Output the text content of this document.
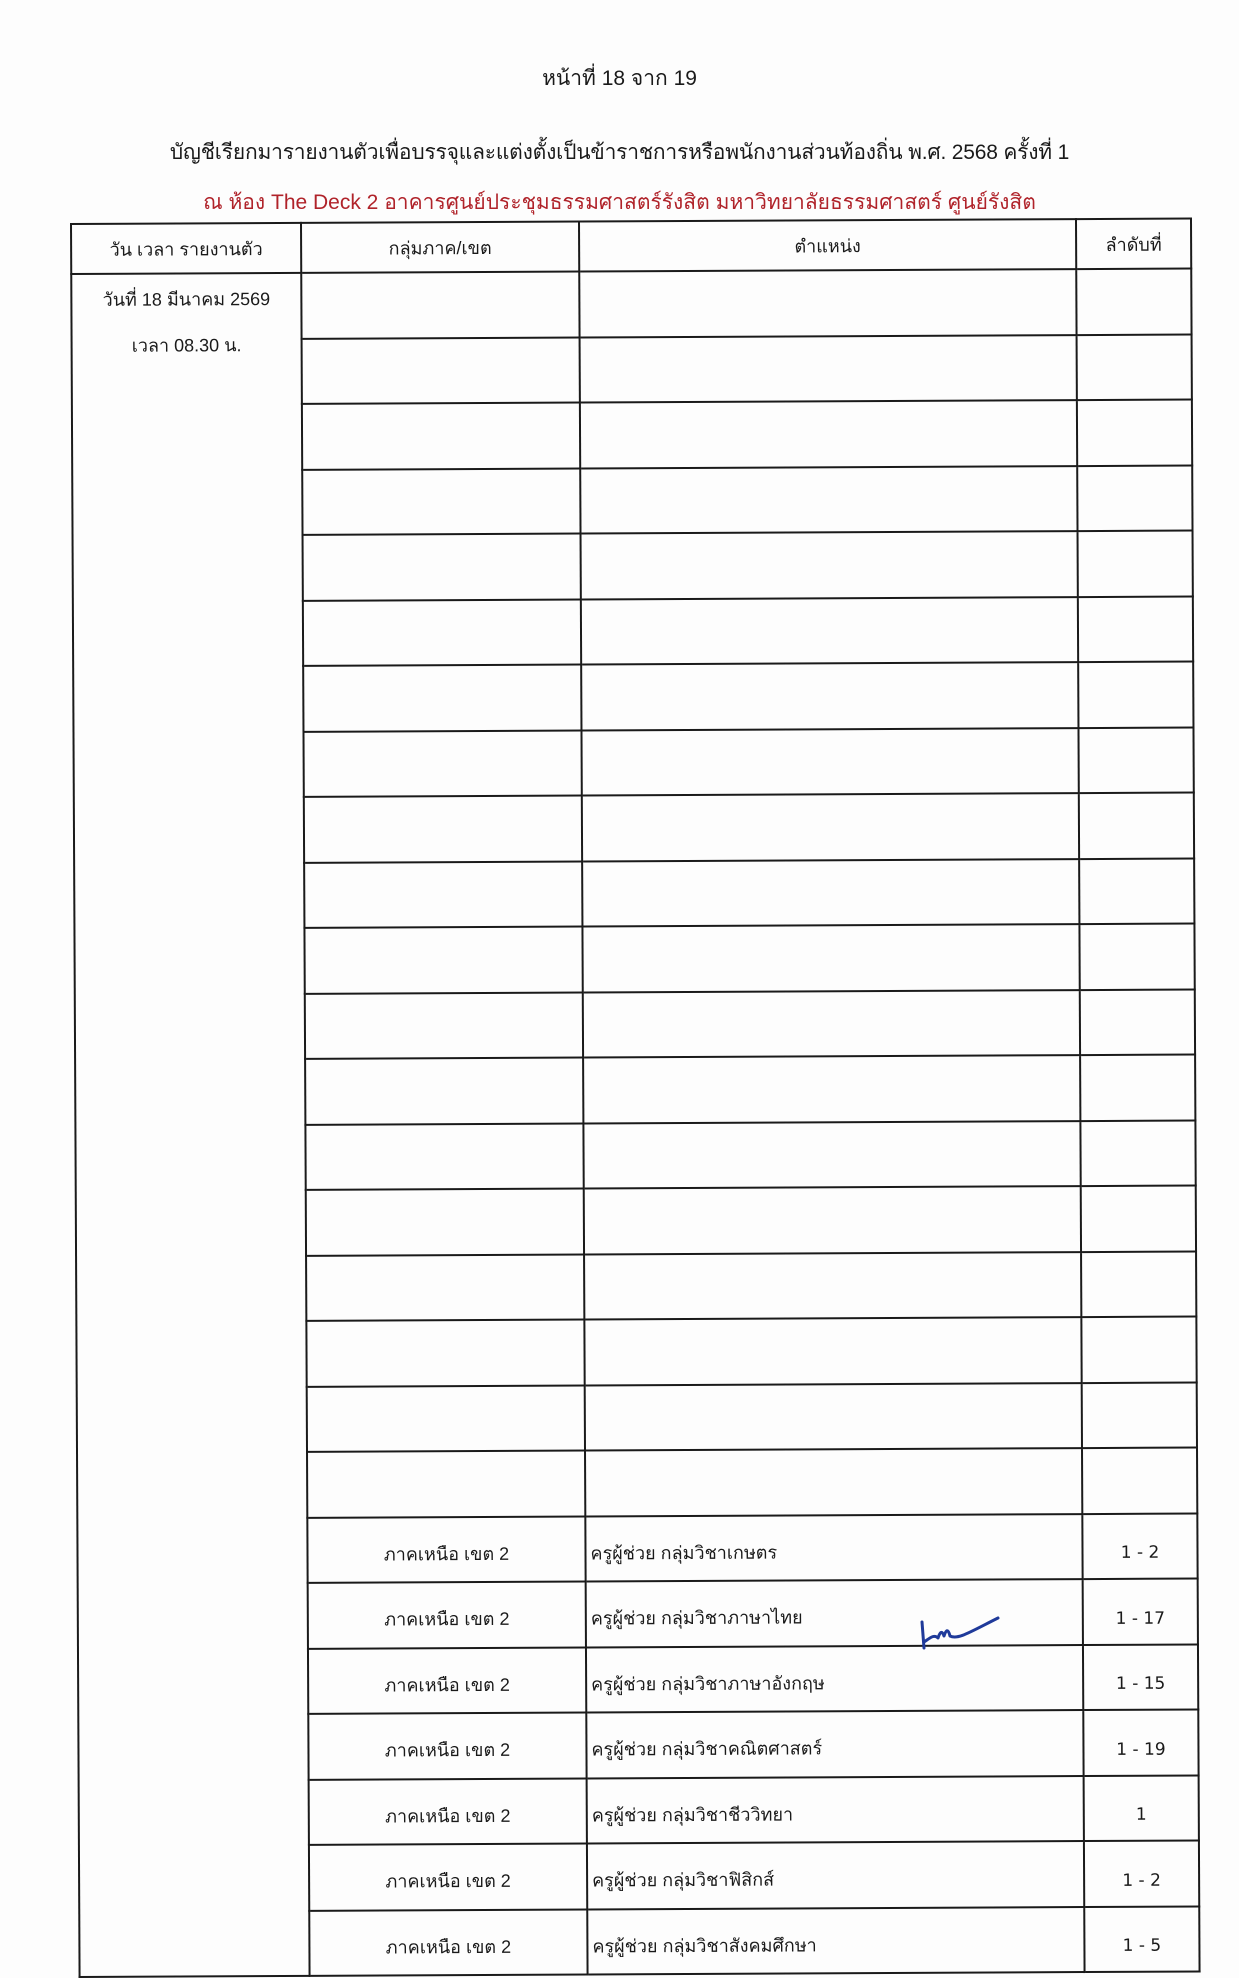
หน้าที่ 18 จาก 19
บัญชีเรียกมารายงานตัวเพื่อบรรจุและแต่งตั้งเป็นข้าราชการหรือพนักงานส่วนท้องถิ่น พ.ศ. 2568 ครั้งที่ 1
ณ ห้อง The Deck 2 อาคารศูนย์ประชุมธรรมศาสตร์รังสิต มหาวิทยาลัยธรรมศาสตร์ ศูนย์รังสิต
วัน เวลา รายงานตัว	กลุ่มภาค/เขต	ตำแหน่ง	ลำดับที่

วันที่ 18 มีนาคม 2569
เวลา 08.30 น.			

	ภาคเหนือ เขต 2	ครูผู้ช่วย กลุ่มวิชาเกษตร	1 - 2
	ภาคเหนือ เขต 2	ครูผู้ช่วย กลุ่มวิชาภาษาไทย	1 - 17
	ภาคเหนือ เขต 2	ครูผู้ช่วย กลุ่มวิชาภาษาอังกฤษ	1 - 15
	ภาคเหนือ เขต 2	ครูผู้ช่วย กลุ่มวิชาคณิตศาสตร์	1 - 19
	ภาคเหนือ เขต 2	ครูผู้ช่วย กลุ่มวิชาชีววิทยา	1
	ภาคเหนือ เขต 2	ครูผู้ช่วย กลุ่มวิชาฟิสิกส์	1 - 2
	ภาคเหนือ เขต 2	ครูผู้ช่วย กลุ่มวิชาสังคมศึกษา	1 - 5
